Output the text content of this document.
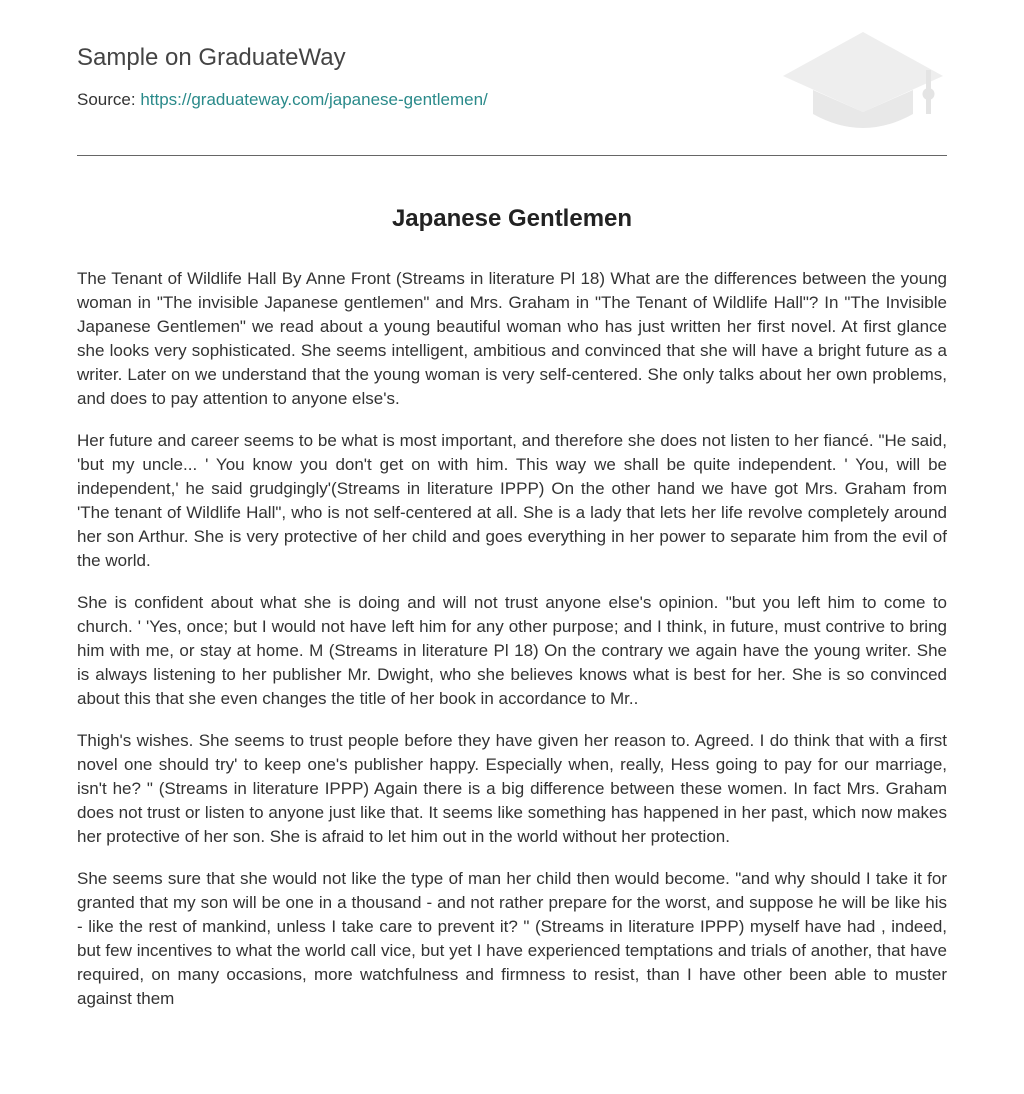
Sample on GraduateWay
Source: https://graduateway.com/japanese-gentlemen/
Japanese Gentlemen

The Tenant of Wildlife Hall By Anne Front (Streams in literature Pl 18) What are the differences between the young woman in "The invisible Japanese gentlemen" and Mrs. Graham in "The Tenant of Wildlife Hall"? In "The Invisible Japanese Gentlemen" we read about a young beautiful woman who has just written her first novel. At first glance she looks very sophisticated. She seems intelligent, ambitious and convinced that she will have a bright future as a writer. Later on we understand that the young woman is very self-centered. She only talks about her own problems, and does to pay attention to anyone else's.

Her future and career seems to be what is most important, and therefore she does not listen to her fiancé. "He said, 'but my uncle... ' You know you don't get on with him. This way we shall be quite independent. ' You, will be independent,' he said grudgingly'(Streams in literature IPPP) On the other hand we have got Mrs. Graham from 'The tenant of Wildlife Hall", who is not self-centered at all. She is a lady that lets her life revolve completely around her son Arthur. She is very protective of her child and goes everything in her power to separate him from the evil of the world.

She is confident about what she is doing and will not trust anyone else's opinion. "but you left him to come to church. ' 'Yes, once; but I would not have left him for any other purpose; and I think, in future, must contrive to bring him with me, or stay at home. M (Streams in literature Pl 18) On the contrary we again have the young writer. She is always listening to her publisher Mr. Dwight, who she believes knows what is best for her. She is so convinced about this that she even changes the title of her book in accordance to Mr..

Thigh's wishes. She seems to trust people before they have given her reason to. Agreed. I do think that with a first novel one should try' to keep one's publisher happy. Especially when, really, Hess going to pay for our marriage, isn't he? " (Streams in literature IPPP) Again there is a big difference between these women. In fact Mrs. Graham does not trust or listen to anyone just like that. It seems like something has happened in her past, which now makes her protective of her son. She is afraid to let him out in the world without her protection.

She seems sure that she would not like the type of man her child then would become. "and why should I take it for granted that my son will be one in a thousand - and not rather prepare for the worst, and suppose he will be like his - like the rest of mankind, unless I take care to prevent it? " (Streams in literature IPPP) myself have had , indeed, but few incentives to what the world call vice, but yet I have experienced temptations and trials of another, that have required, on many occasions, more watchfulness and firmness to resist, than I have other been able to muster against them
